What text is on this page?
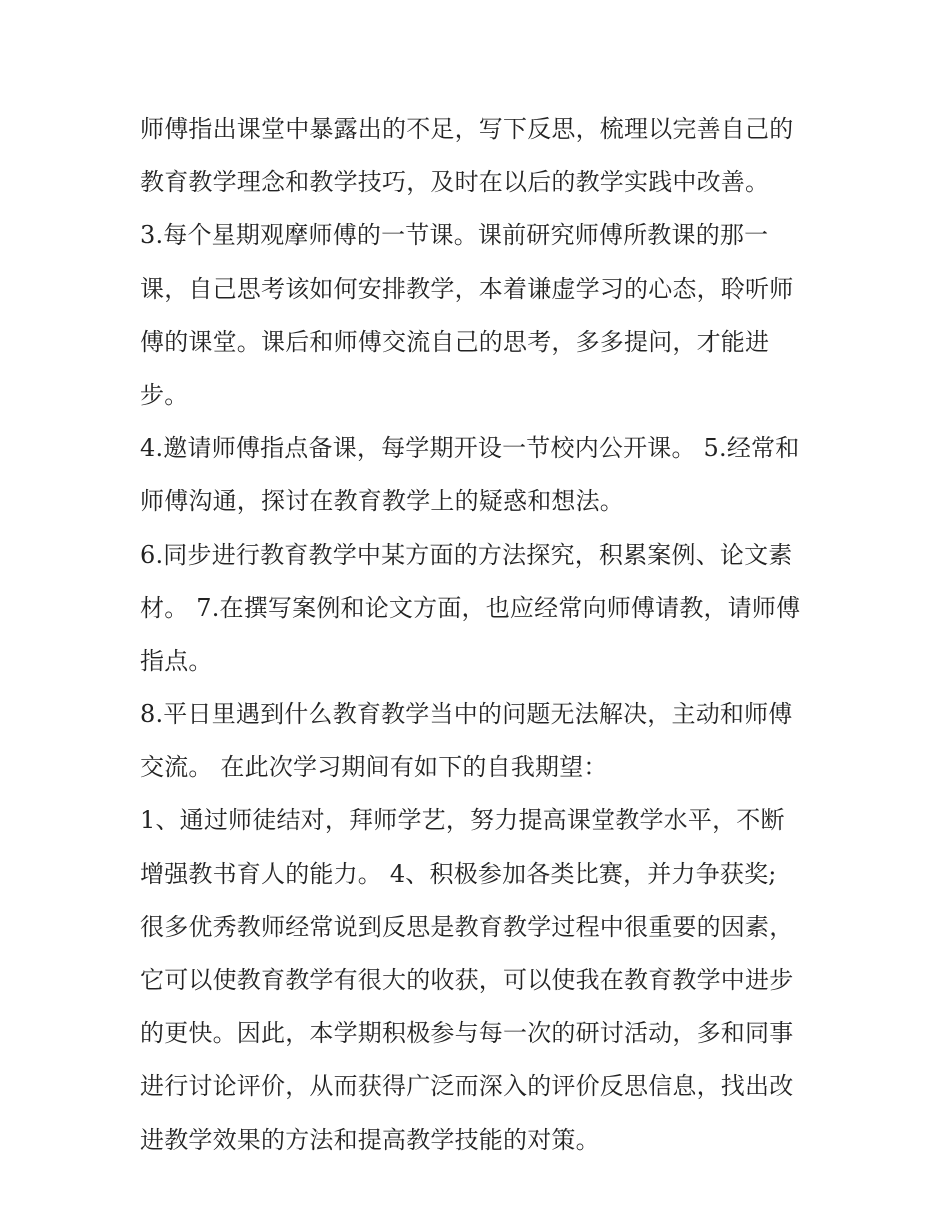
师傅指出课堂中暴露出的不足，写下反思，梳理以完善自己的
教育教学理念和教学技巧，及时在以后的教学实践中改善。
3.每个星期观摩师傅的一节课。课前研究师傅所教课的那一
课，自己思考该如何安排教学，本着谦虚学习的心态，聆听师
傅的课堂。课后和师傅交流自己的思考，多多提问，才能进
步。
4.邀请师傅指点备课，每学期开设一节校内公开课。 5.经常和
师傅沟通，探讨在教育教学上的疑惑和想法。
6.同步进行教育教学中某方面的方法探究，积累案例、论文素
材。 7.在撰写案例和论文方面，也应经常向师傅请教，请师傅
指点。
8.平日里遇到什么教育教学当中的问题无法解决，主动和师傅
交流。 在此次学习期间有如下的自我期望：
1、通过师徒结对，拜师学艺，努力提高课堂教学水平，不断
增强教书育人的能力。 4、积极参加各类比赛，并力争获奖;
很多优秀教师经常说到反思是教育教学过程中很重要的因素，
它可以使教育教学有很大的收获，可以使我在教育教学中进步
的更快。因此，本学期积极参与每一次的研讨活动，多和同事
进行讨论评价，从而获得广泛而深入的评价反思信息，找出改
进教学效果的方法和提高教学技能的对策。
